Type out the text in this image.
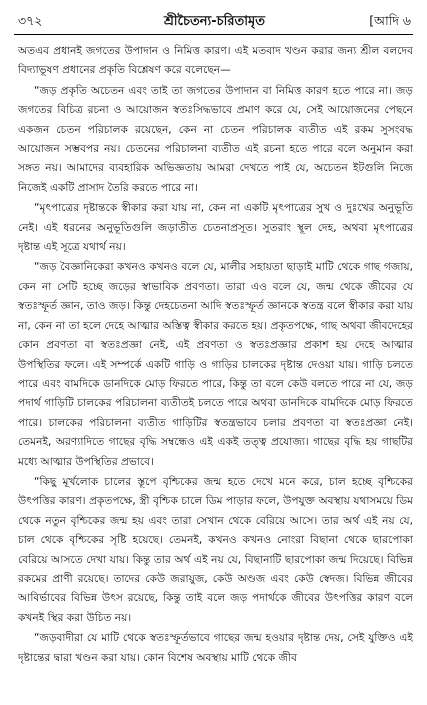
৩৭২	শ্রীচৈতন্য-চরিতামৃত	[আদি ৬

অতএব প্রধানই জগতের উপাদান ও নিমিত্ত কারণ। এই মতবাদ খণ্ডন করার জন্য শ্রীল বলদেব বিদ্যাভূষণ প্রধানের প্রকৃতি বিশ্লেষণ করে বলেছেন—

“জড় প্রকৃতি অচেতন এবং তাই তা জগতের উপাদান বা নিমিত্ত কারণ হতে পারে না। জড় জগতের বিচিত্র রচনা ও আয়োজন স্বতঃসিদ্ধভাবে প্রমাণ করে যে, সেই আয়োজনের পেছনে একজন চেতন পরিচালক রয়েছেন, কেন না চেতন পরিচালক ব্যতীত এই রকম সুসংবদ্ধ আয়োজন সম্ভবপর নয়। চেতনের পরিচালনা ব্যতীত এই রচনা হতে পারে বলে অনুমান করা সঙ্গত নয়। আমাদের ব্যবহারিক অভিজ্ঞতায় আমরা দেখতে পাই যে, অচেতন ইটগুলি নিজে নিজেই একটি প্রাসাদ তৈরি করতে পারে না।

“মৃৎপাত্রের দৃষ্টান্তকে স্বীকার করা যায় না, কেন না একটি মৃৎপাত্রের সুখ ও দুঃখের অনুভূতি নেই। এই ধরনের অনুভূতিগুলি জড়াতীত চেতনাপ্রসূত। সুতরাং স্থূল দেহ, অথবা মৃৎপাত্রের দৃষ্টান্ত এই সূত্রে যথার্থ নয়।

“জড় বৈজ্ঞানিকেরা কখনও কখনও বলে যে, মালীর সহায়তা ছাড়াই মাটি থেকে গাছ গজায়, কেন না সেটি হচ্ছে জড়ের স্বাভাবিক প্রবণতা। তারা এও বলে যে, জন্ম থেকে জীবের যে স্বতঃস্ফূর্ত জ্ঞান, তাও জড়। কিন্তু দেহচেতনা আদি স্বতঃস্ফূর্ত জ্ঞানকে স্বতন্ত্র বলে স্বীকার করা যায় না, কেন না তা হলে দেহে আত্মার অস্তিত্ব স্বীকার করতে হয়। প্রকৃতপক্ষে, গাছ অথবা জীবদেহের কোন প্রবণতা বা স্বতঃপ্রজ্ঞা নেই, এই প্রবণতা ও স্বতঃপ্রজ্ঞার প্রকাশ হয় দেহে আত্মার উপস্থিতির ফলে। এই সম্পর্কে একটি গাড়ি ও গাড়ির চালকের দৃষ্টান্ত দেওয়া যায়। গাড়ি চলতে পারে এবং বামদিকে ডানদিকে মোড় ফিরতে পারে, কিন্তু তা বলে কেউ বলতে পারে না যে, জড় পদার্থ গাড়িটি চালকের পরিচালনা ব্যতীতই চলতে পারে অথবা ডানদিকে বামদিকে মোড় ফিরতে পারে। চালকের পরিচালনা ব্যতীত গাড়িটির স্বতন্ত্রভাবে চলার প্রবণতা বা স্বতঃপ্রজ্ঞা নেই। তেমনই, অরণ্যাদিতে গাছের বৃদ্ধি সম্বন্ধেও এই একই তত্ত্ব প্রযোজ্য। গাছের বৃদ্ধি হয় গাছটির মধ্যে আত্মার উপস্থিতির প্রভাবে।

“কিছু মূর্খলোক চালের স্তূপে বৃশ্চিকের জন্ম হতে দেখে মনে করে, চাল হচ্ছে বৃশ্চিকের উৎপত্তির কারণ। প্রকৃতপক্ষে, স্ত্রী বৃশ্চিক চালে ডিম পাড়ার ফলে, উপযুক্ত অবস্থায় যথাসময়ে ডিম থেকে নতুন বৃশ্চিকের জন্ম হয় এবং তারা সেখান থেকে বেরিয়ে আসে। তার অর্থ এই নয় যে, চাল থেকে বৃশ্চিকের সৃষ্টি হয়েছে। তেমনই, কখনও কখনও নোংরা বিছানা থেকে ছারপোকা বেরিয়ে আসতে দেখা যায়। কিন্তু তার অর্থ এই নয় যে, বিছানাটি ছারপোকা জন্ম দিয়েছে। বিভিন্ন রকমের প্রাণী রয়েছে। তাদের কেউ জরায়ুজ, কেউ অণ্ডজ এবং কেউ স্বেদজ। বিভিন্ন জীবের আবির্ভাবের বিভিন্ন উৎস রয়েছে, কিন্তু তাই বলে জড় পদার্থকে জীবের উৎপত্তির কারণ বলে কখনই স্থির করা উচিত নয়।

“জড়বাদীরা যে মাটি থেকে স্বতঃস্ফূর্তভাবে গাছের জন্ম হওয়ার দৃষ্টান্ত দেয়, সেই যুক্তিও এই দৃষ্টান্তের দ্বারা খণ্ডন করা যায়। কোন বিশেষ অবস্থায় মাটি থেকে জীব
